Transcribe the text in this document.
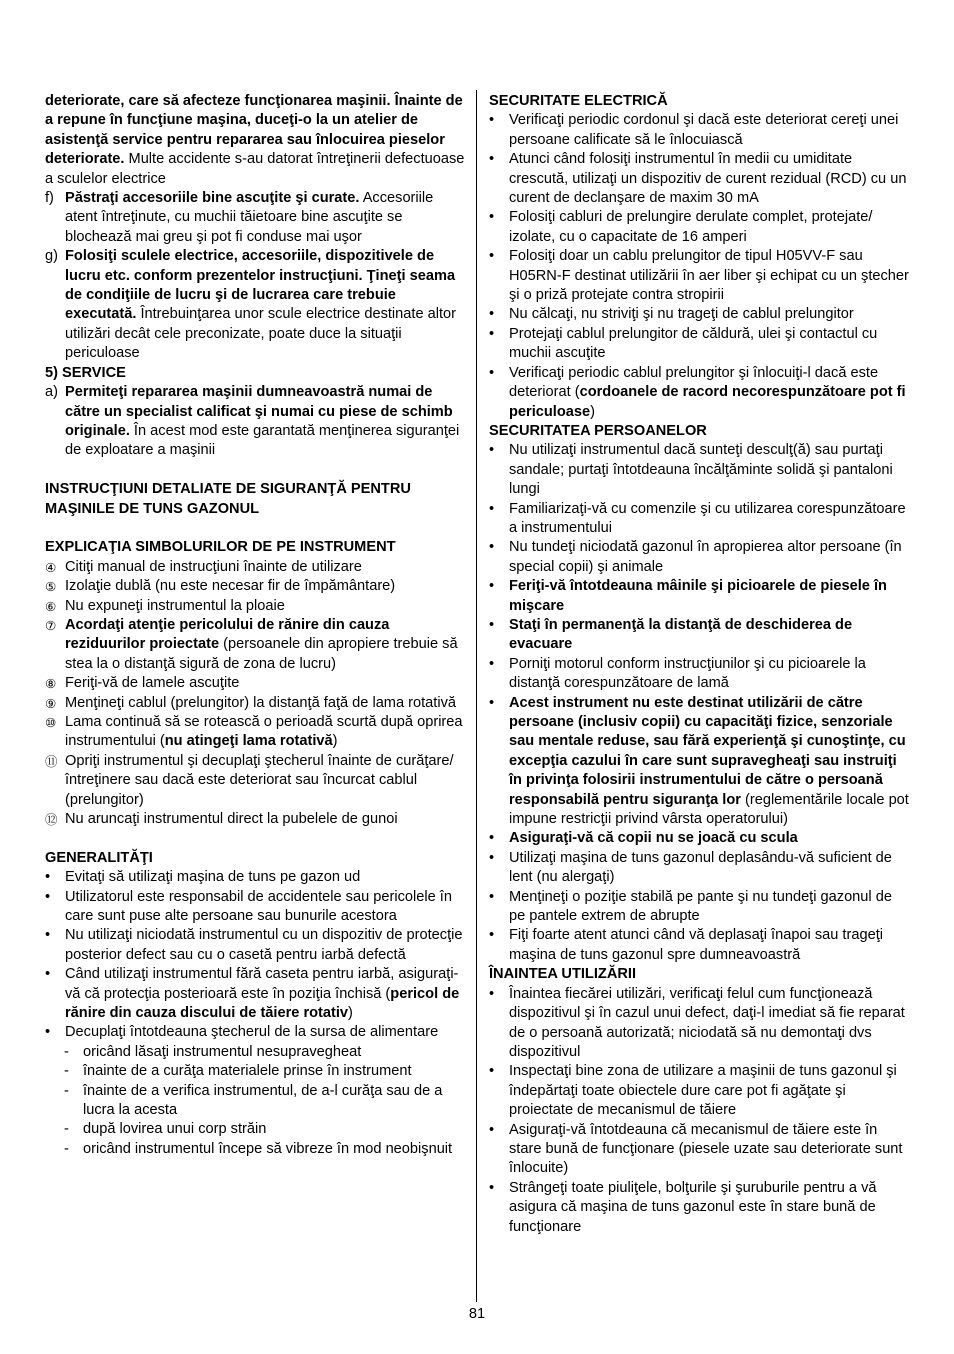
deteriorate, care să afecteze funcţionarea maşinii. Înainte de a repune în funcţiune maşina, duceţi-o la un atelier de asistenţă service pentru repararea sau înlocuirea pieselor deteriorate. Multe accidente s-au datorat întreţinerii defectuoase a sculelor electrice

f) Păstraţi accesoriile bine ascuţite şi curate. Accesoriile atent întreţinute, cu muchii tăietoare bine ascuţite se blochează mai greu şi pot fi conduse mai uşor
g) Folosiţi sculele electrice, accesoriile, dispozitivele de lucru etc. conform prezentelor instrucţiuni. Ţineţi seama de condiţiile de lucru şi de lucrarea care trebuie executată. Întrebuinţarea unor scule electrice destinate altor utilizări decât cele preconizate, poate duce la situaţii periculoase

5) SERVICE

a) Permiteţi repararea maşinii dumneavoastră numai de către un specialist calificat şi numai cu piese de schimb originale. În acest mod este garantată menţinerea siguranţei de exploatare a maşinii

INSTRUCŢIUNI DETALIATE DE SIGURANŢĂ PENTRU MAŞINILE DE TUNS GAZONUL

EXPLICAŢIA SIMBOLURILOR DE PE INSTRUMENT

④ Citiţi manual de instrucţiuni înainte de utilizare
⑤ Izolaţie dublă (nu este necesar fir de împământare)
⑥ Nu expuneţi instrumentul la ploaie
⑦ Acordaţi atenţie pericolului de rănire din cauza reziduurilor proiectate (persoanele din apropiere trebuie să stea la o distanţă sigură de zona de lucru)
⑧ Feriţi-vă de lamele ascuţite
⑨ Menţineţi cablul (prelungitor) la distanţă faţă de lama rotativă
⑩ Lama continuă să se rotească o perioadă scurtă după oprirea instrumentului (nu atingeţi lama rotativă)
⑪ Opriţi instrumentul şi decuplaţi ştecherul înainte de curăţare/întreţinere sau dacă este deteriorat sau încurcat cablul (prelungitor)
⑫ Nu aruncaţi instrumentul direct la pubelele de gunoi

GENERALITĂŢI

• Evitaţi să utilizaţi maşina de tuns pe gazon ud
• Utilizatorul este responsabil de accidentele sau pericolele în care sunt puse alte persoane sau bunurile acestora
• Nu utilizaţi niciodată instrumentul cu un dispozitiv de protecţie posterior defect sau cu o casetă pentru iarbă defectă
• Când utilizaţi instrumentul fără caseta pentru iarbă, asiguraţi-vă că protecţia posterioară este în poziţia închisă (pericol de rănire din cauza discului de tăiere rotativ)
• Decuplaţi întotdeauna ştecherul de la sursa de alimentare
- oricând lăsaţi instrumentul nesupravegheat
- înainte de a curăţa materialele prinse în instrument
- înainte de a verifica instrumentul, de a-l curăţa sau de a lucra la acesta
- după lovirea unui corp străin
- oricând instrumentul începe să vibreze în mod neobişnuit

SECURITATE ELECTRICĂ

• Verificaţi periodic cordonul şi dacă este deteriorat cereţi unei persoane calificate să le înlocuiască
• Atunci când folosiţi instrumentul în medii cu umiditate crescută, utilizaţi un dispozitiv de curent rezidual (RCD) cu un curent de declanşare de maxim 30 mA
• Folosiţi cabluri de prelungire derulate complet, protejate/ izolate, cu o capacitate de 16 amperi
• Folosiţi doar un cablu prelungitor de tipul H05VV-F sau H05RN-F destinat utilizării în aer liber şi echipat cu un ştecher şi o priză protejate contra stropirii
• Nu călcaţi, nu striviţi şi nu trageţi de cablul prelungitor
• Protejaţi cablul prelungitor de căldură, ulei şi contactul cu muchii ascuţite
• Verificaţi periodic cablul prelungitor şi înlocuiţi-l dacă este deteriorat (cordoanele de racord necorespunzătoare pot fi periculoase)

SECURITATEA PERSOANELOR

• Nu utilizaţi instrumentul dacă sunteţi desculţ(ă) sau purtaţi sandale; purtaţi întotdeauna încălţăminte solidă şi pantaloni lungi
• Familiarizaţi-vă cu comenzile şi cu utilizarea corespunzătoare a instrumentului
• Nu tundeţi niciodată gazonul în apropierea altor persoane (în special copii) şi animale
• Feriţi-vă întotdeauna mâinile şi picioarele de piesele în mişcare
• Staţi în permanenţă la distanţă de deschiderea de evacuare
• Porniţi motorul conform instrucţiunilor şi cu picioarele la distanţă corespunzătoare de lamă
• Acest instrument nu este destinat utilizării de către persoane (inclusiv copii) cu capacităţi fizice, senzoriale sau mentale reduse, sau fără experienţă şi cunoştinţe, cu excepţia cazului în care sunt supravegheaţi sau instruiţi în privinţa folosirii instrumentului de către o persoană responsabilă pentru siguranţa lor (reglementările locale pot impune restricţii privind vârsta operatorului)
• Asiguraţi-vă că copii nu se joacă cu scula
• Utilizaţi maşina de tuns gazonul deplasându-vă suficient de lent (nu alergaţi)
• Menţineţi o poziţie stabilă pe pante şi nu tundeţi gazonul de pe pantele extrem de abrupte
• Fiţi foarte atent atunci când vă deplasaţi înapoi sau trageţi maşina de tuns gazonul spre dumneavoastră

ÎNAINTEA UTILIZĂRII

• Înaintea fiecărei utilizări, verificaţi felul cum funcţionează dispozitivul şi în cazul unui defect, daţi-l imediat să fie reparat de o persoană autorizată; niciodată să nu demontaţi dvs dispozitivul
• Inspectaţi bine zona de utilizare a maşinii de tuns gazonul şi îndepărtaţi toate obiectele dure care pot fi agăţate şi proiectate de mecanismul de tăiere
• Asiguraţi-vă întotdeauna că mecanismul de tăiere este în stare bună de funcţionare (piesele uzate sau deteriorate sunt înlocuite)
• Strângeţi toate piuliţele, bolţurile şi şuruburile pentru a vă asigura că maşina de tuns gazonul este în stare bună de funcţionare
81
